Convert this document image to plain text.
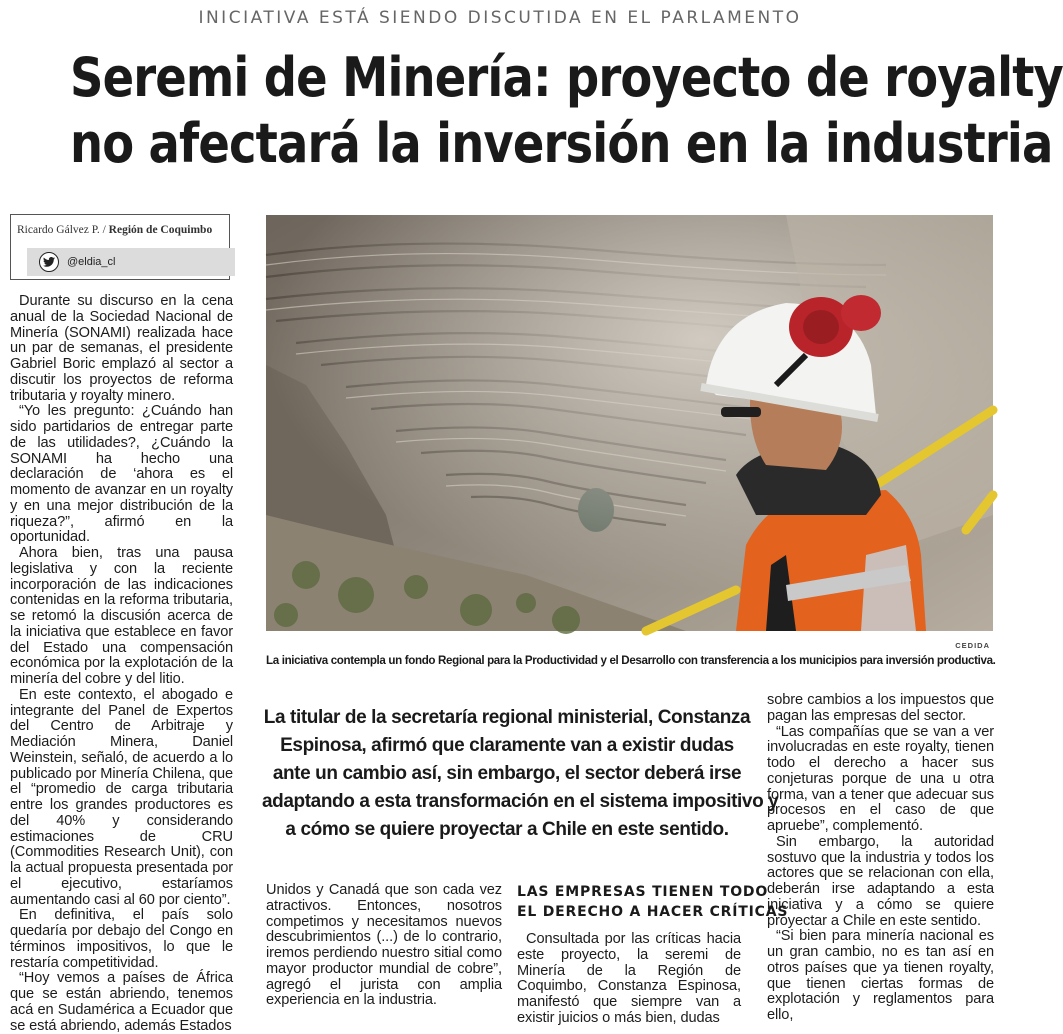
INICIATIVA ESTÁ SIENDO DISCUTIDA EN EL PARLAMENTO
Seremi de Minería: proyecto de royalty
no afectará la inversión en la industria
Ricardo Gálvez P. / Región de Coquimbo
@eldia_cl

Durante su discurso en la cena anual de la Sociedad Nacional de Minería (SONAMI) realizada hace un par de semanas, el presidente Gabriel Boric emplazó al sector a discutir los proyectos de reforma tributaria y royalty minero.

“Yo les pregunto: ¿Cuándo han sido partidarios de entregar parte de las utilidades?, ¿Cuándo la SONAMI ha hecho una declaración de ‘ahora es el momento de avanzar en un royalty y en una mejor distribución de la riqueza?”, afirmó en la oportunidad.

Ahora bien, tras una pausa legislativa y con la reciente incorporación de las indicaciones contenidas en la reforma tributaria, se retomó la discusión acerca de la iniciativa que establece en favor del Estado una compensación económica por la explotación de la minería del cobre y del litio.

En este contexto, el abogado e integrante del Panel de Expertos del Centro de Arbitraje y Mediación Minera, Daniel Weinstein, señaló, de acuerdo a lo publicado por Minería Chilena, que el “promedio de carga tributaria entre los grandes productores es del 40% y considerando estimaciones de CRU (Commodities Research Unit), con la actual propuesta presentada por el ejecutivo, estaríamos aumentando casi al 60 por ciento”.

En definitiva, el país solo quedaría por debajo del Congo en términos impositivos, lo que le restaría competitividad.

“Hoy vemos a países de África que se están abriendo, tenemos acá en Sudamérica a Ecuador que se está abriendo, además Estados

CEDIDA
La iniciativa contempla un fondo Regional para la Productividad y el Desarrollo con transferencia a los municipios para inversión productiva.
La titular de la secretaría regional ministerial, Constanza
Espinosa, afirmó que claramente van a existir dudas
ante un cambio así, sin embargo, el sector deberá irse
adaptando a esta transformación en el sistema impositivo y
a cómo se quiere proyectar a Chile en este sentido.

Unidos y Canadá que son cada vez atractivos. Entonces, nosotros competimos y necesitamos nuevos descubrimientos (...) de lo contrario, iremos perdiendo nuestro sitial como mayor productor mundial de cobre”, agregó el jurista con amplia experiencia en la industria.

LAS EMPRESAS TIENEN TODO
EL DERECHO A HACER CRÍTICAS

Consultada por las críticas hacia este proyecto, la seremi de Minería de la Región de Coquimbo, Constanza Espinosa, manifestó que siempre van a existir juicios o más bien, dudas

sobre cambios a los impuestos que pagan las empresas del sector.

“Las compañías que se van a ver involucradas en este royalty, tienen todo el derecho a hacer sus conjeturas porque de una u otra forma, van a tener que adecuar sus procesos en el caso de que apruebe”, complementó.

Sin embargo, la autoridad sostuvo que la industria y todos los actores que se relacionan con ella, deberán irse adaptando a esta iniciativa y a cómo se quiere proyectar a Chile en este sentido.

“Si bien para minería nacional es un gran cambio, no es tan así en otros países que ya tienen royalty, que tienen ciertas formas de explotación y reglamentos para ello,
